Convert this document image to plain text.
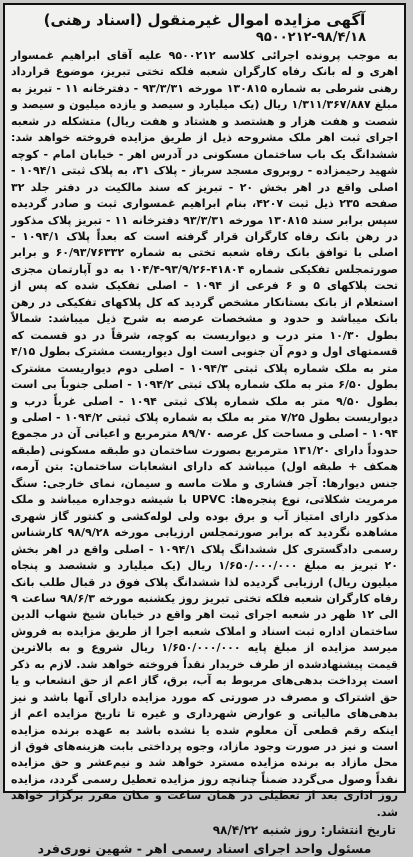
آگهی مزایده اموال غیرمنقول (اسناد رهنی)
۹۵۰۰۲۱۲-۹۸/۴/۱۸

به موجب پرونده اجرائی کلاسه ۹۵۰۰۲۱۲ علیه آقای ابراهیم غمسوار اهری و له بانک رفاه کارگران شعبه فلکه تختی تبریز، موضوع قرارداد رهنی شرطی به شماره ۱۳۰۸۱۵ مورخه ۹۳/۳/۳۱ - دفترخانه ۱۱ - تبریز به مبلغ ۱/۳۱۱/۳۶۷/۸۸۷ ریال (یک میلیارد و سیصد و یازده میلیون و سیصد و شصت و هفت هزار و هشتصد و هشتاد و هفت ریال) متشکله در شعبه اجرای ثبت اهر ملک مشروحه ذیل از طریق مزایده فروخته خواهد شد: ششدانگ یک باب ساختمان مسکونی در آدرس اهر - خیابان امام - کوچه شهید رحیمزاده - روبروی مسجد سرباز - پلاک ۳۱، به پلاک ثبتی ۱۰۹۴/۱ - اصلی واقع در اهر بخش ۲۰ - تبریز که سند مالکیت در دفتر جلد ۳۲ صفحه ۲۳۵ ذیل ثبت ۴۲۰۷، بنام ابراهیم غمسواری ثبت و صادر گردیده سپس برابر سند ۱۳۰۸۱۵ مورخه ۹۳/۳/۳۱ دفترخانه ۱۱ - تبریز پلاک مذکور در رهن بانک رفاه کارگران قرار گرفته است که بعداً پلاک ۱۰۹۴/۱ - اصلی با توافق بانک رفاه شعبه تختی به شماره ۶۰/۹۳/۷۶۳۳۲ و برابر صورتمجلس تفکیکی شماره ۴۱۸۰۴-۹۳/۹/۲۶-۱۰۴/۴ به دو آپارتمان مجزی تحت پلاکهای ۵ و ۶ فرعی از ۱۰۹۴ - اصلی تفکیک شده که پس از استعلام از بانک بستانکار مشخص گردید که کل پلاکهای تفکیکی در رهن بانک میباشد و حدود و مشخصات عرصه به شرح ذیل میباشد: شمالاً بطول ۱۰/۳۰ متر درب و دیواریست به کوچه، شرقاً در دو قسمت که قسمتهای اول و دوم آن جنوبی است اول دیواریست مشترک بطول ۴/۱۵ متر به ملک شماره پلاک ثبتی ۱۰۹۴/۳ - اصلی دوم دیواریست مشترک بطول ۶/۵۰ متر به ملک شماره پلاک ثبتی ۱۰۹۴/۲ - اصلی جنوباً بی است بطول ۹/۵۰ متر به ملک شماره پلاک ثبتی ۱۰۹۴ - اصلی غرباً درب و دیواریست بطول ۷/۲۵ متر به ملک به شماره پلاک ثبتی ۱۰۹۴/۲ - اصلی و ۱۰۹۴ - اصلی و مساحت کل عرصه ۸۹/۷۰ مترمربع و اعیانی آن در مجموع حدوداً دارای ۱۳۱/۲۰ مترمربع بصورت ساختمان دو طبقه مسکونی (طبقه همکف + طبقه اول) میباشد که دارای انشعابات ساختمان: بتن آرمه، جنس دیوارها: آجر فشاری و ملات ماسه و سیمان، نمای خارجی: سنگ مرمریت شکلاتی، نوع پنجره‌ها: UPVC با شیشه دوجداره میباشد و ملک مذکور دارای امتیاز آب و برق بوده ولی لوله‌کشی و کنتور گاز شهری مشاهده نگردید که برابر صورتمجلس ارزیابی مورخه ۹۸/۹/۲۸ کارشناس رسمی دادگستری کل ششدانگ پلاک ۱۰۹۴/۱ - اصلی واقع در اهر بخش ۲۰ تبریز به مبلغ ۱/۶۵۰/۰۰۰/۰۰۰ ریال (یک میلیارد و ششصد و پنجاه میلیون ریال) ارزیابی گردیده لذا ششدانگ پلاک فوق در قبال طلب بانک رفاه کارگران شعبه فلکه تختی تبریز روز یکشنبه مورخه ۹۸/۶/۳ ساعت ۹ الی ۱۲ ظهر در شعبه اجرای ثبت اهر واقع در خیابان شیخ شهاب الدین ساختمان اداره ثبت اسناد و املاک شعبه اجرا از طریق مزایده به فروش میرسد مزایده از مبلغ پایه ۱/۶۵۰/۰۰۰/۰۰۰ ریال شروع و به بالاترین قیمت پیشنهادشده از طرف خریدار نقداً فروخته خواهد شد. لازم به ذکر است پرداخت بدهی‌های مربوط به آب، برق، گاز اعم از حق انشعاب و یا حق اشتراک و مصرف در صورتی که مورد مزایده دارای آنها باشد و نیز بدهی‌های مالیاتی و عوارض شهرداری و غیره تا تاریخ مزایده اعم از اینکه رقم قطعی آن معلوم شده یا نشده باشد به عهده برنده مزایده است و نیز در صورت وجود مازاد، وجوه پرداختی بابت هزینه‌های فوق از محل مازاد به برنده مزایده مسترد خواهد شد و نیم‌عشر و حق مزایده نقداً وصول می‌گردد ضمناً چنانچه روز مزایده تعطیل رسمی گردد، مزایده روز اداری بعد از تعطیلی در همان ساعت و مکان مقرر برگزار خواهد شد.

تاریخ انتشار: روز شنبه ۹۸/۴/۲۲
مسئول واحد اجرای اسناد رسمی اهر - شهین نوری‌فرد
